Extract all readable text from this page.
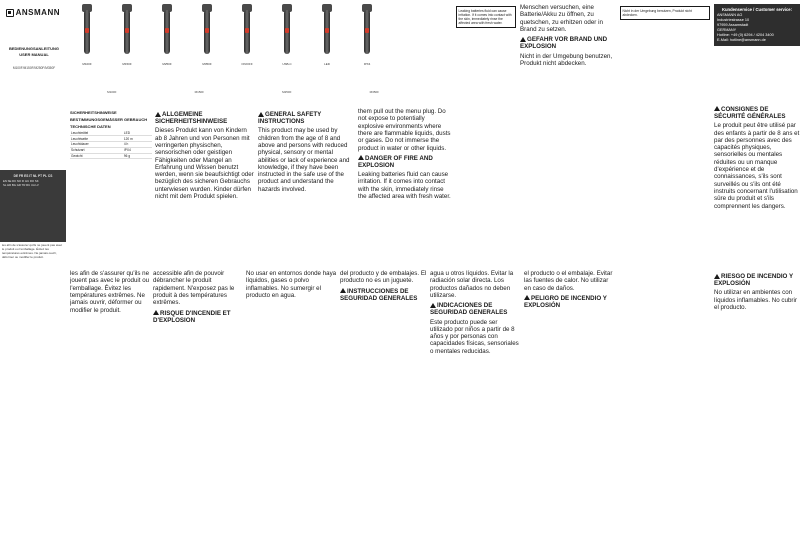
ANSMANN
BEDIENUNGSANLEITUNG
USER MANUAL
M100F/M150F/M250F/M350F
DE FR ES IT NL PT PL CS
EN SE DK NO FI HU RO SK
SL HR BG GR TR RU UA LV

les afin de s'assurer qu'ils ne jouent pas avec le produit ou l'emballage. Évitez les températures extrêmes. Ne jamais ouvrir, déformer ou modifier le produit.

M100F	M150F	M250F	M350F	ON/OFF	USB-C	LED	IPX4
M100F	M150F	M250F	M350F
SICHERHEITSHINWEISE
BESTIMMUNGSGEMÄSSER GEBRAUCH
TECHNISCHE DATEN
Leuchtmittel	LED
Leuchtweite	120 m
Leuchtdauer	4 h
Schutzart	IPX4
Gewicht	96 g
ALLGEMEINE SICHERHEITSHINWEISE

Dieses Produkt kann von Kindern ab 8 Jahren und von Personen mit verringerten physischen, sensorischen oder geistigen Fähigkeiten oder Mangel an Erfahrung und Wissen benutzt werden, wenn sie beaufsichtigt oder bezüglich des sicheren Gebrauchs unterwiesen wurden. Kinder dürfen nicht mit dem Produkt spielen.

GENERAL SAFETY INSTRUCTIONS

This product may be used by children from the age of 8 and above and persons with reduced physical, sensory or mental abilities or lack of experience and knowledge, if they have been instructed in the safe use of the product and understand the hazards involved.

them pull out the menu plug. Do not expose to potentially explosive environments where there are flammable liquids, dusts or gases. Do not immerse the product in water or other liquids.

DANGER OF FIRE AND EXPLOSION

Leaking batteries fluid can cause irritation. If it comes into contact with the skin, immediately rinse the affected area with fresh water.

Menschen versuchen, eine Batterie/Akku zu öffnen, zu quetschen, zu erhitzen oder in Brand zu setzen.

GEFAHR VOR BRAND UND EXPLOSION

Nicht in der Umgebung benutzen, Produkt nicht abdecken.

Leaking batteries fluid can cause irritation. If it comes into contact with the skin, immediately rinse the affected area with fresh water.
Nicht in der Umgebung benutzen, Produkt nicht abdecken.
Kundenservice / Customer service:
ANSMANN AG
Industriestrasse 10
97959 Assamstadt
GERMANY
Hotline: +49 (0) 6294 / 4204 3400
E-Mail: hotline@ansmann.de
CONSIGNES DE SÉCURITÉ GÉNÉRALES

Le produit peut être utilisé par des enfants à partir de 8 ans et par des personnes avec des capacités physiques, sensorielles ou mentales réduites ou un manque d'expérience et de connaissances, s'ils sont surveillés ou s'ils ont été instruits concernant l'utilisation sûre du produit et s'ils comprennent les dangers.

les afin de s'assurer qu'ils ne jouent pas avec le produit ou l'emballage. Évitez les températures extrêmes. Ne jamais ouvrir, déformer ou modifier le produit.

accessible afin de pouvoir débrancher le produit rapidement. N'exposez pas le produit à des températures extrêmes.

RISQUE D'INCENDIE ET D'EXPLOSION

No usar en entornos donde haya líquidos, gases o polvo inflamables. No sumergir el producto en agua.

del producto y de embalajes. El producto no es un juguete.

INSTRUCCIONES DE SEGURIDAD GENERALES

agua u otros líquidos. Evitar la radiación solar directa. Los productos dañados no deben utilizarse.

INDICACIONES DE SEGURIDAD GENERALES

Este producto puede ser utilizado por niños a partir de 8 años y por personas con capacidades físicas, sensoriales o mentales reducidas.

el producto o el embalaje. Evitar las fuentes de calor. No utilizar en caso de daños.

PELIGRO DE INCENDIO Y EXPLOSIÓN
RIESGO DE INCENDIO Y EXPLOSIÓN

No utilizar en ambientes con líquidos inflamables. No cubrir el producto.
